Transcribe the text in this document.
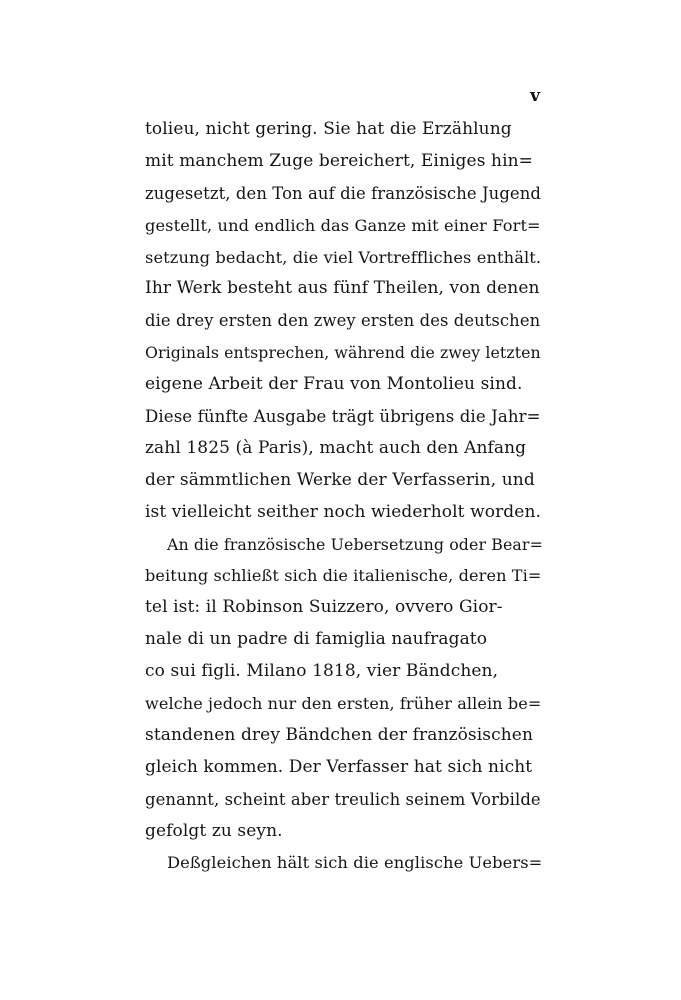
v
tolieu, nicht gering. Sie hat die Erzählung
mit manchem Zuge bereichert, Einiges hin=
zugesetzt, den Ton auf die französische Jugend
gestellt, und endlich das Ganze mit einer Fort=
setzung bedacht, die viel Vortreffliches enthält.
Ihr Werk besteht aus fünf Theilen, von denen
die drey ersten den zwey ersten des deutschen
Originals entsprechen, während die zwey letzten
eigene Arbeit der Frau von Montolieu sind.
Diese fünfte Ausgabe trägt übrigens die Jahr=
zahl 1825 (à Paris), macht auch den Anfang
der sämmtlichen Werke der Verfasserin, und
ist vielleicht seither noch wiederholt worden.
An die französische Uebersetzung oder Bear=
beitung schließt sich die italienische, deren Ti=
tel ist: il Robinson Suizzero, ovvero Gior-
nale di un padre di famiglia naufragato
co sui figli. Milano 1818, vier Bändchen,
welche jedoch nur den ersten, früher allein be=
standenen drey Bändchen der französischen
gleich kommen. Der Verfasser hat sich nicht
genannt, scheint aber treulich seinem Vorbilde
gefolgt zu seyn.
Deßgleichen hält sich die englische Uebers=
